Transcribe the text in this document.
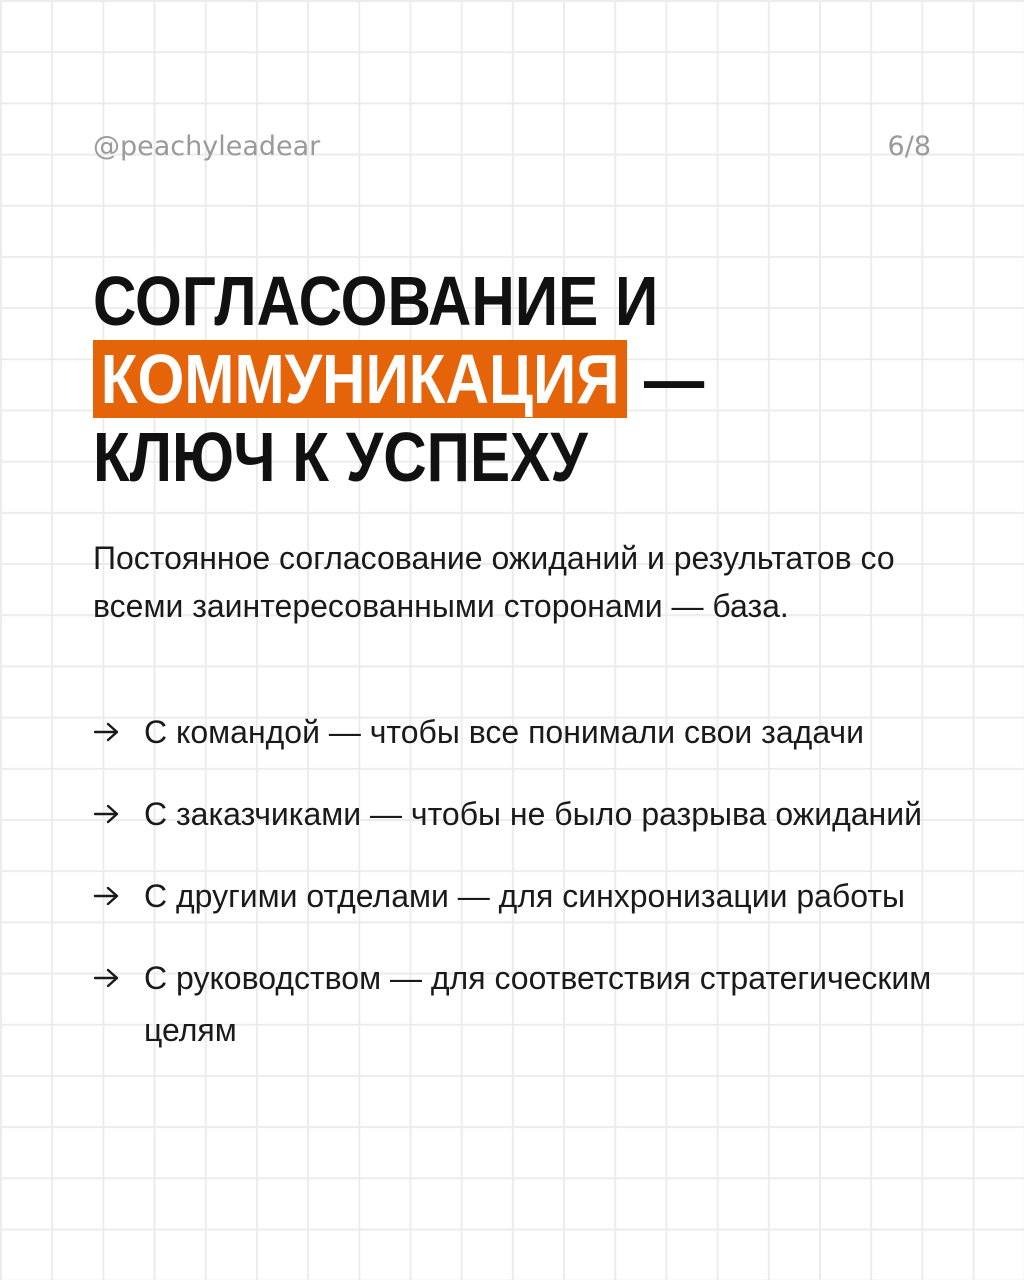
@peachyleadear	6/8
СОГЛАСОВАНИЕ И
КОММУНИКАЦИЯ —
КЛЮЧ К УСПЕХУ

Постоянное согласование ожиданий и результатов со всеми заинтересованными сторонами — база.

С командой — чтобы все понимали свои задачи
С заказчиками — чтобы не было разрыва ожиданий
С другими отделами — для синхронизации работы
С руководством — для соответствия стратегическим целям
